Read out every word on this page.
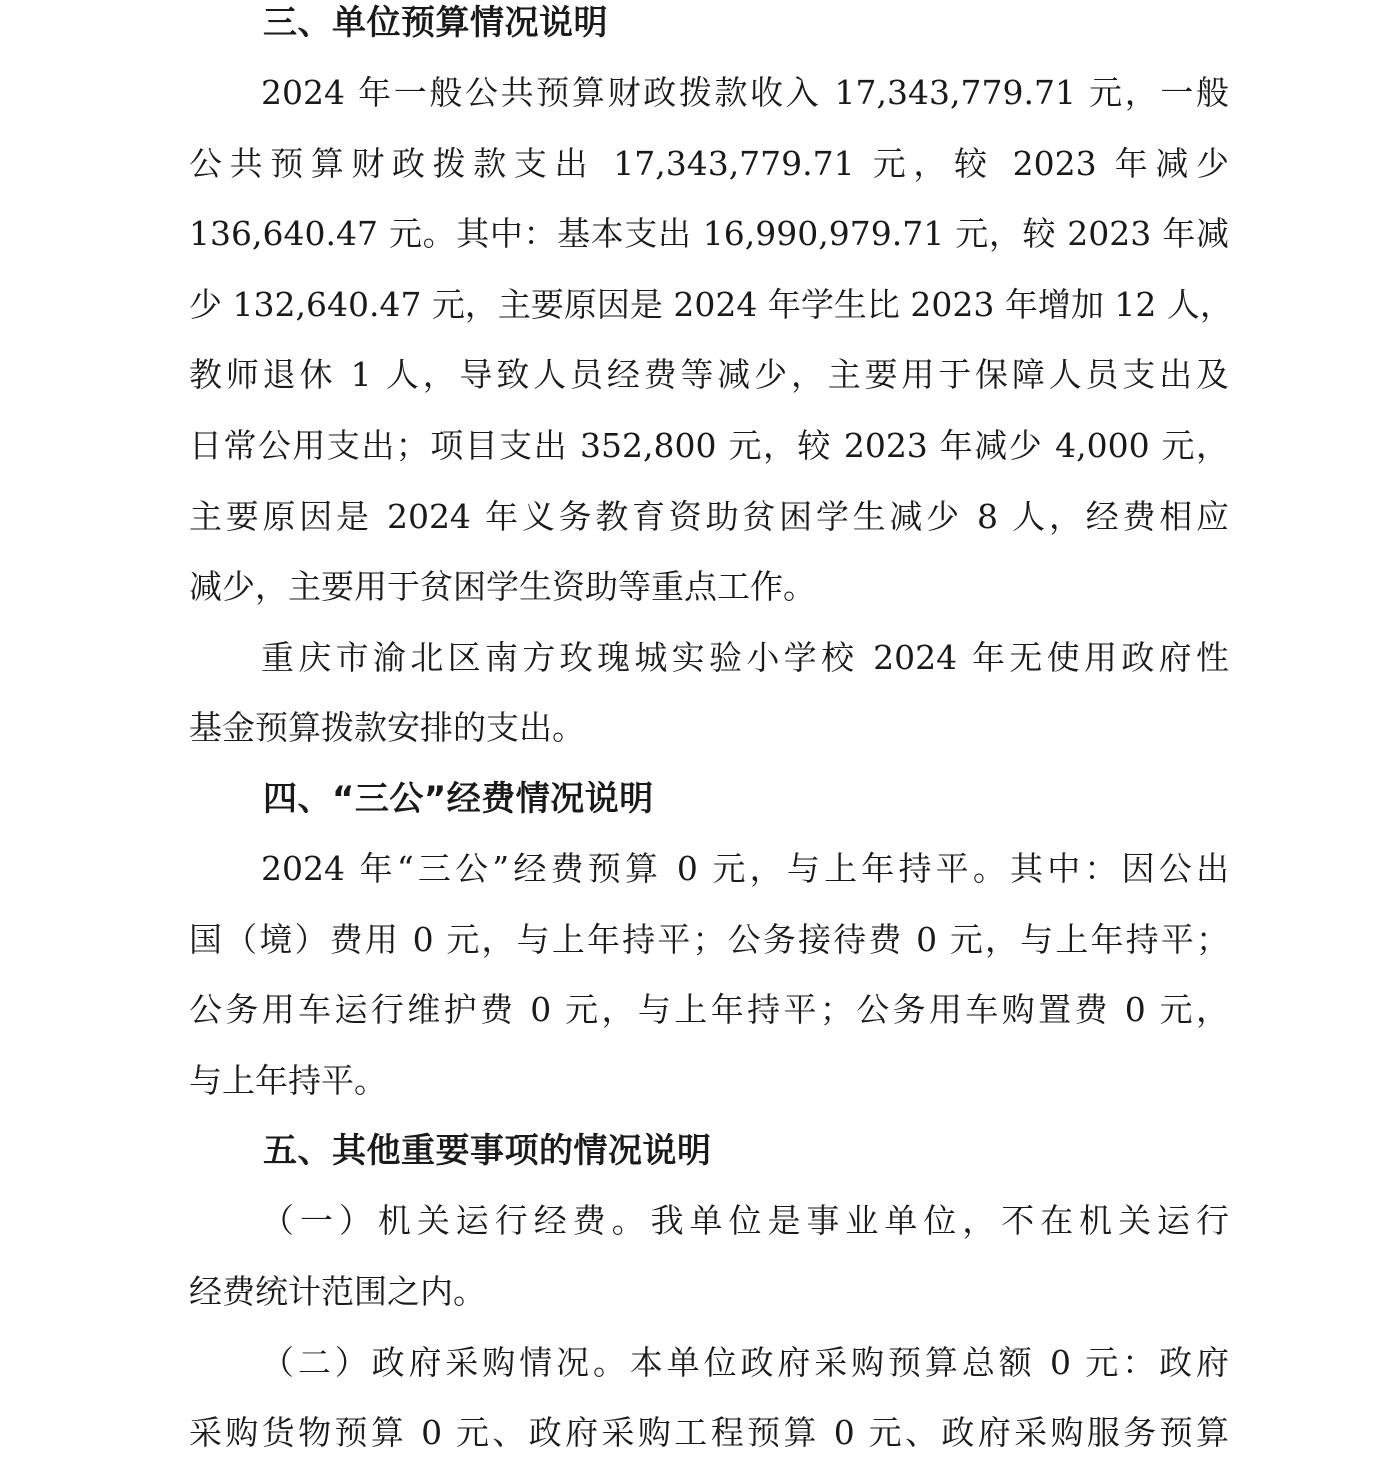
三、单位预算情况说明
2024 年一般公共预算财政拨款收入 17,343,779.71 元，一般
公共预算财政拨款支出 17,343,779.71 元，较 2023 年减少
136,640.47 元。其中：基本支出 16,990,979.71 元，较 2023 年减
少 132,640.47 元，主要原因是 2024 年学生比 2023 年增加 12 人，
教师退休 1 人，导致人员经费等减少，主要用于保障人员支出及
日常公用支出；项目支出 352,800 元，较 2023 年减少 4,000 元，
主要原因是 2024 年义务教育资助贫困学生减少 8 人，经费相应
减少，主要用于贫困学生资助等重点工作。
重庆市渝北区南方玫瑰城实验小学校 2024 年无使用政府性
基金预算拨款安排的支出。
四、“三公”经费情况说明
2024 年“三公”经费预算 0 元，与上年持平。其中：因公出
国（境）费用 0 元，与上年持平；公务接待费 0 元，与上年持平；
公务用车运行维护费 0 元，与上年持平；公务用车购置费 0 元，
与上年持平。
五、其他重要事项的情况说明
（一）机关运行经费。我单位是事业单位，不在机关运行
经费统计范围之内。
（二）政府采购情况。本单位政府采购预算总额 0 元：政府
采购货物预算 0 元、政府采购工程预算 0 元、政府采购服务预算
